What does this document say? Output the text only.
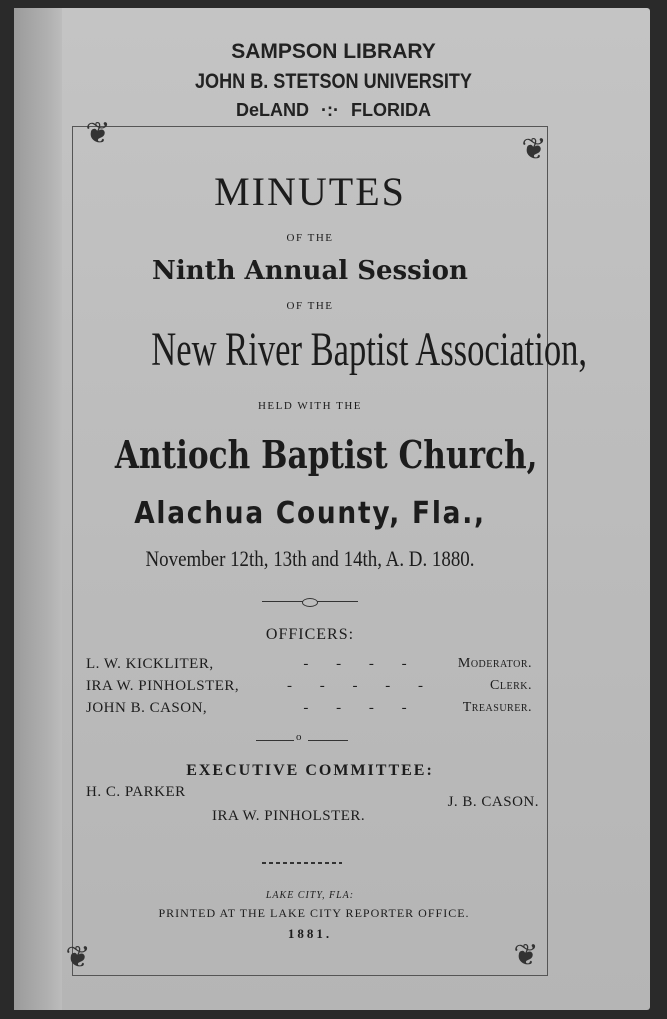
SAMPSON LIBRARY
JOHN B. STETSON UNIVERSITY
DeLAND ·:· FLORIDA
❦	❦
❦	❦
MINUTES
OF THE
Ninth Annual Session
OF THE
New River Baptist Association,
HELD WITH THE
Antioch Baptist Church,
Alachua County, Fla.,
November 12th, 13th and 14th, A. D. 1880.
OFFICERS:
L. W. KICKLITER,	- - - -	Moderator.
IRA W. PINHOLSTER,	- - - - -	Clerk.
JOHN B. CASON,	- - - -	Treasurer.
o
EXECUTIVE COMMITTEE:
H. C. PARKER
J. B. CASON.
IRA W. PINHOLSTER.
LAKE CITY, FLA:
PRINTED AT THE LAKE CITY REPORTER OFFICE.
1881.
